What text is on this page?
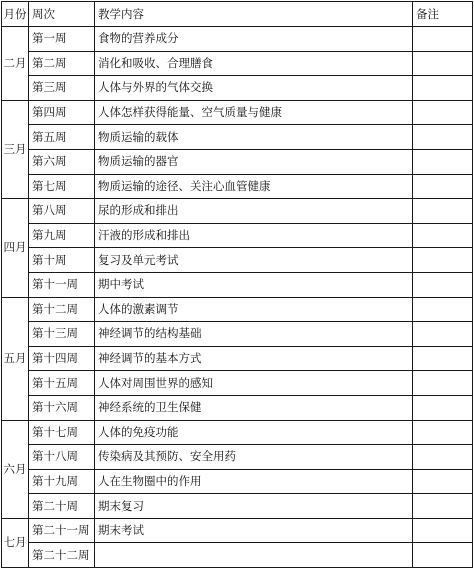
月份	周次	教学内容	备注
二月	第一周	食物的营养成分	
	第二周	消化和吸收、合理膳食	
	第三周	人体与外界的气体交换	
三月	第四周	人体怎样获得能量、空气质量与健康	
	第五周	物质运输的载体	
	第六周	物质运输的器官	
	第七周	物质运输的途径、关注心血管健康	
四月	第八周	尿的形成和排出	
	第九周	汗液的形成和排出	
	第十周	复习及单元考试	
	第十一周	期中考试	
五月	第十二周	人体的激素调节	
	第十三周	神经调节的结构基础	
	第十四周	神经调节的基本方式	
	第十五周	人体对周围世界的感知	
	第十六周	神经系统的卫生保健	
六月	第十七周	人体的免疫功能	
	第十八周	传染病及其预防、安全用药	
	第十九周	人在生物圈中的作用	
	第二十周	期末复习	
七月	第二十一周	期末考试	
	第二十二周		
